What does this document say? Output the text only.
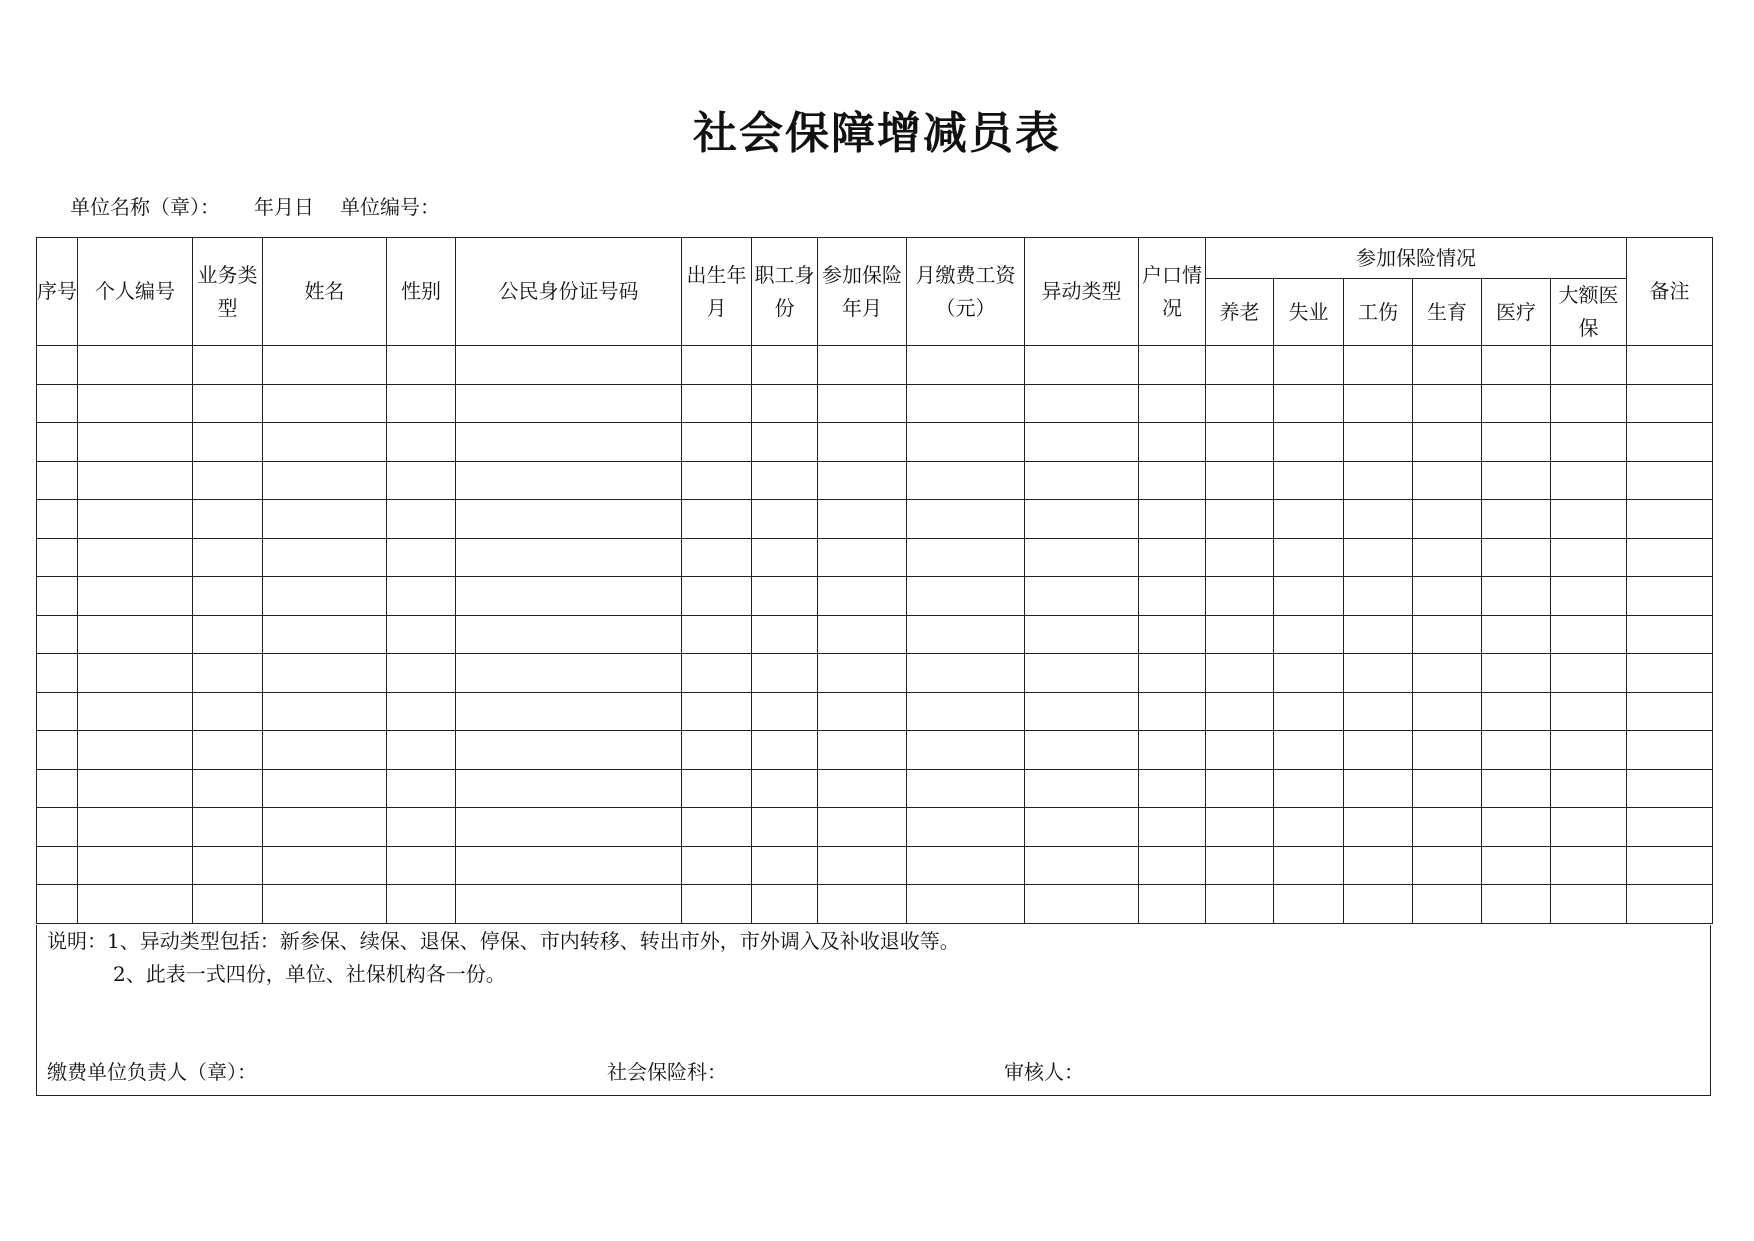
社会保障增减员表
单位名称（章）： 年月日 单位编号：
序号	个人编号	业务类型	姓名	性别	公民身份证号码	出生年月	职工身份	参加保险年月	月缴费工资（元）	异动类型	户口情况	参加保险情况						备注
												养老	失业	工伤	生育	医疗	大额医保	

说明：1、异动类型包括：新参保、续保、退保、停保、市内转移、转出市外，市外调入及补收退收等。
2、此表一式四份，单位、社保机构各一份。
缴费单位负责人（章）：	社会保险科：	审核人：
